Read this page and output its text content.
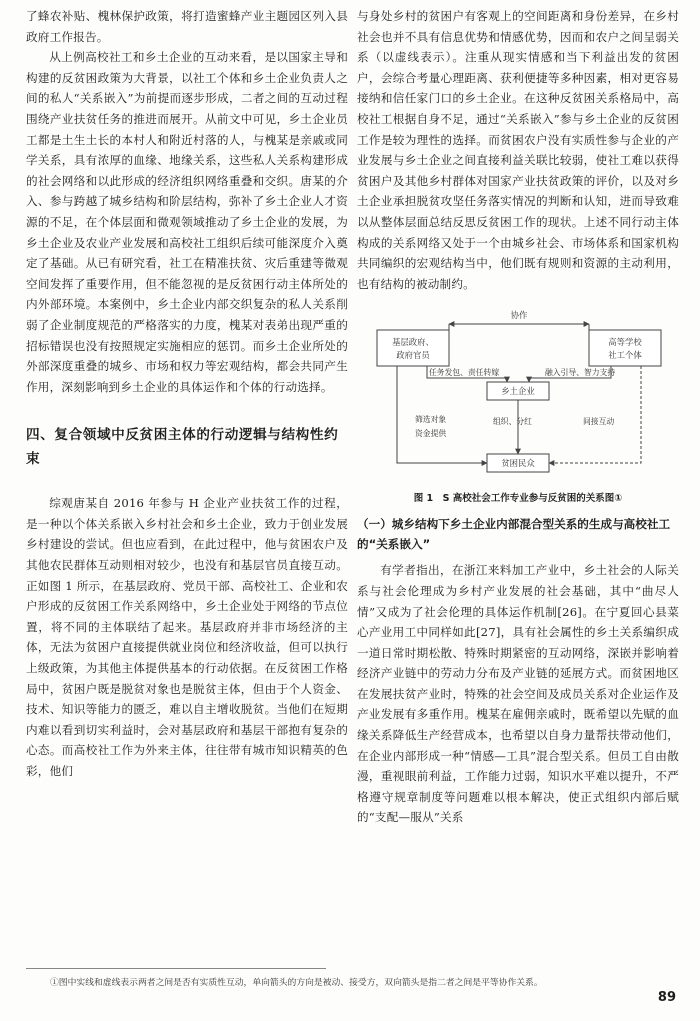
了蜂农补贴、槐林保护政策，将打造蜜蜂产业主题园区列入县政府工作报告。

从上例高校社工和乡土企业的互动来看，是以国家主导和构建的反贫困政策为大背景，以社工个体和乡土企业负责人之间的私人“关系嵌入”为前提而逐步形成，二者之间的互动过程围绕产业扶贫任务的推进而展开。从前文中可见，乡土企业员工都是土生土长的本村人和附近村落的人，与槐某是亲戚或同学关系，具有浓厚的血缘、地缘关系，这些私人关系构建形成的社会网络和以此形成的经济组织网络重叠和交织。唐某的介入、参与跨越了城乡结构和阶层结构，弥补了乡土企业人才资源的不足，在个体层面和微观领域推动了乡土企业的发展，为乡土企业及农业产业发展和高校社工组织后续可能深度介入奠定了基础。从已有研究看，社工在精准扶贫、灾后重建等微观空间发挥了重要作用，但不能忽视的是反贫困行动主体所处的内外部环境。本案例中，乡土企业内部交织复杂的私人关系削弱了企业制度规范的严格落实的力度，槐某对表弟出现严重的招标错误也没有按照规定实施相应的惩罚。而乡土企业所处的外部深度重叠的城乡、市场和权力等宏观结构，都会共同产生作用，深刻影响到乡土企业的具体运作和个体的行动选择。

四、复合领域中反贫困主体的行动逻辑与结构性约束

综观唐某自 2016 年参与 H 企业产业扶贫工作的过程，是一种以个体关系嵌入乡村社会和乡土企业，致力于创业发展乡村建设的尝试。但也应看到，在此过程中，他与贫困农户及其他农民群体互动则相对较少，也没有和基层官员直接互动。正如图 1 所示，在基层政府、党员干部、高校社工、企业和农户形成的反贫困工作关系网络中，乡土企业处于网络的节点位置，将不同的主体联结了起来。基层政府并非市场经济的主体，无法为贫困户直接提供就业岗位和经济收益，但可以执行上级政策，为其他主体提供基本的行动依据。在反贫困工作格局中，贫困户既是脱贫对象也是脱贫主体，但由于个人资金、技术、知识等能力的匮乏，难以自主增收脱贫。当他们在短期内难以看到切实利益时，会对基层政府和基层干部抱有复杂的心态。而高校社工作为外来主体，往往带有城市知识精英的色彩，他们

与身处乡村的贫困户有客观上的空间距离和身份差异，在乡村社会也并不具有信息优势和情感优势，因而和农户之间呈弱关系（以虚线表示）。注重从现实情感和当下利益出发的贫困户，会综合考量心理距离、获利便捷等多种因素，相对更容易接纳和信任家门口的乡土企业。在这种反贫困关系格局中，高校社工根据自身不足，通过“关系嵌入”参与乡土企业的反贫困工作是较为理性的选择。而贫困农户没有实质性参与企业的产业发展与乡土企业之间直接利益关联比较弱，使社工难以获得贫困户及其他乡村群体对国家产业扶贫政策的评价，以及对乡土企业承担脱贫攻坚任务落实情况的判断和认知，进而导致难以从整体层面总结反思反贫困工作的现状。上述不同行动主体构成的关系网络又处于一个由城乡社会、市场体系和国家机构共同编织的宏观结构当中，他们既有规则和资源的主动利用，也有结构的被动制约。

基层政府、
政府官员
高等学校
社工个体
乡土企业
贫困民众
协作
任务发包、责任转嫁	融入引导、智力支持
筛选对象
资金提供
组织、分红	间接互动
图 1　S 高校社会工作专业参与反贫困的关系图①
（一）城乡结构下乡土企业内部混合型关系的生成与高校社工的“关系嵌入”

有学者指出，在浙江来料加工产业中，乡土社会的人际关系与社会伦理成为乡村产业发展的社会基础，其中“曲尽人情”又成为了社会伦理的具体运作机制[26]。在宁夏回心县菜心产业用工中同样如此[27]，具有社会属性的乡土关系编织成一道日常时期松散、特殊时期紧密的互动网络，深嵌并影响着经济产业链中的劳动力分布及产业链的延展方式。而贫困地区在发展扶贫产业时，特殊的社会空间及成员关系对企业运作及产业发展有多重作用。槐某在雇佣亲戚时，既希望以先赋的血缘关系降低生产经营成本，也希望以自身力量帮扶带动他们，在企业内部形成一种“情感—工具”混合型关系。但员工自由散漫，重视眼前利益，工作能力过弱，知识水平难以提升，不严格遵守规章制度等问题难以根本解决，使正式组织内部后赋的“支配—服从”关系

①图中实线和虚线表示两者之间是否有实质性互动，单向箭头的方向是被动、接受方，双向箭头是指二者之间是平等协作关系。
89
